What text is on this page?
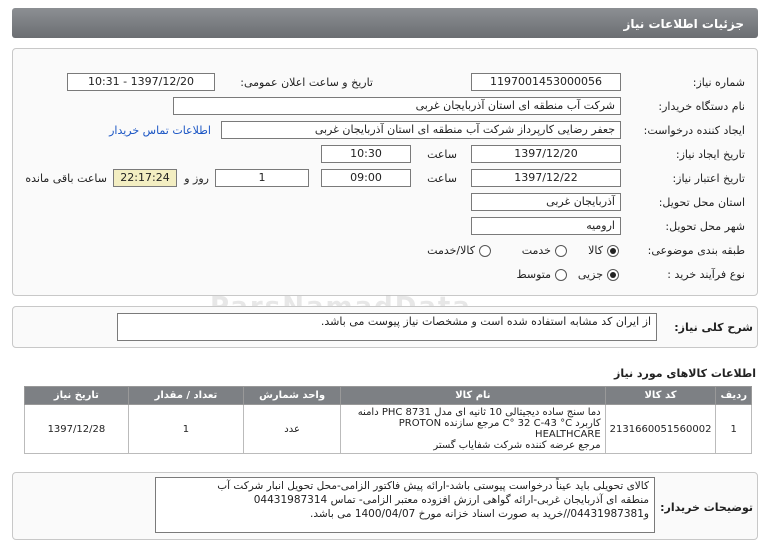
جزئیات اطلاعات نیاز
شماره نیاز:
1197001453000056
تاریخ و ساعت اعلان عمومی:
1397/12/20 - 10:31
نام دستگاه خریدار:
شرکت آب منطقه ای استان آذربایجان غربی
ایجاد کننده درخواست:
جعفر رضایی کارپرداز شرکت آب منطقه ای استان آذربایجان غربی
اطلاعات تماس خریدار
تاریخ ایجاد نیاز:
1397/12/20
ساعت
10:30
تاریخ اعتبار نیاز:
1397/12/22
ساعت
09:00
1
روز و
22:17:24
ساعت باقی مانده
استان محل تحویل:
آذربایجان غربی
شهر محل تحویل:
ارومیه
طبقه بندی موضوعی:
کالا
خدمت
کالا/خدمت
نوع فرآیند خرید :
جزیی
متوسط
شرح کلی نیاز:
از ایران کد مشابه استفاده شده است و مشخصات نیاز پیوست می باشد.
اطلاعات کالاهای مورد نیاز
ردیف	کد کالا	نام کالا	واحد شمارش	تعداد / مقدار	تاریخ نیاز
1	2131660051560002	دما سنج ساده دیجیتالی 10 ثانیه ای مدل PHC 8731 دامنه
کاربرد C° 32 C-43 °C مرجع سازنده PROTON HEALTHCARE
مرجع عرضه کننده شرکت شفایاب گستر	عدد	1	1397/12/28
توضیحات خریدار:
کالای تحویلی باید عیناً درخواست پیوستی باشد-ارائه پیش فاکتور الزامی-محل تحویل انبار شرکت آب
منطقه ای آذربایجان غربی-ارائه گواهی ارزش افزوده معتبر الزامی- تماس 04431987314
و04431987381//خرید به صورت اسناد خزانه مورخ 1400/04/07 می باشد.
